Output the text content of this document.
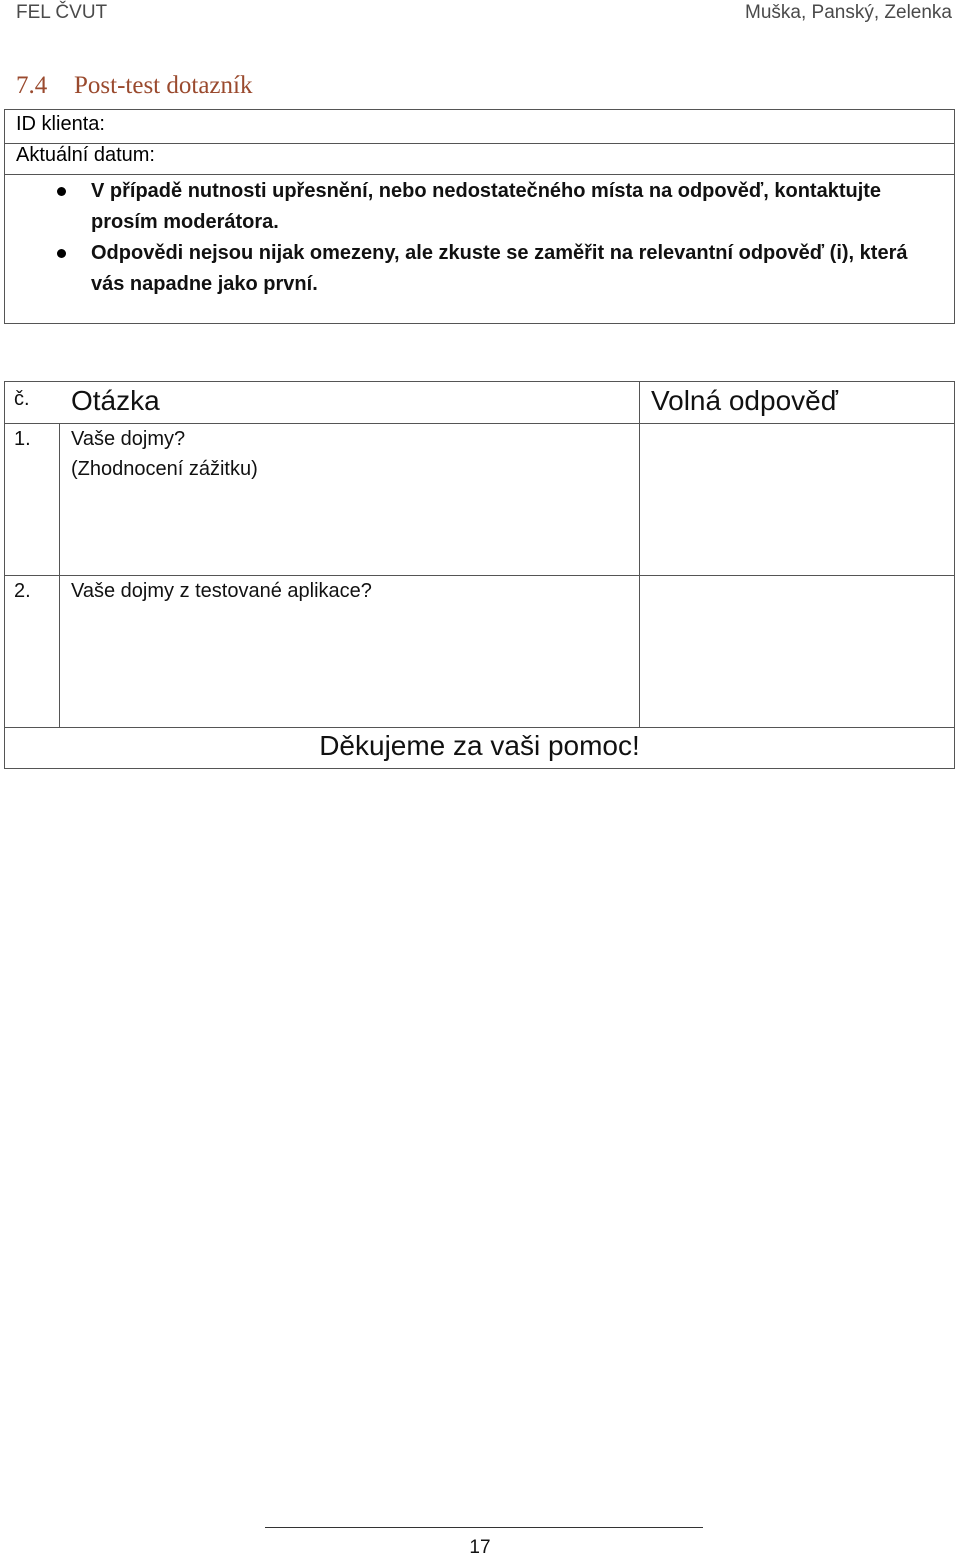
FEL ČVUT	Muška, Panský, Zelenka
7.4 Post-test dotazník
ID klienta:
Aktuální datum:
V případě nutnosti upřesnění, nebo nedostatečného místa na odpověď, kontaktujte prosím moderátora.
Odpovědi nejsou nijak omezeny, ale zkuste se zaměřit na relevantní odpověď (i), která vás napadne jako první.
č. Otázka	Volná odpověď
1. Vaše dojmy?
(Zhodnocení zážitku)
2. Vaše dojmy z testované aplikace?
Děkujeme za vaši pomoc!
17
